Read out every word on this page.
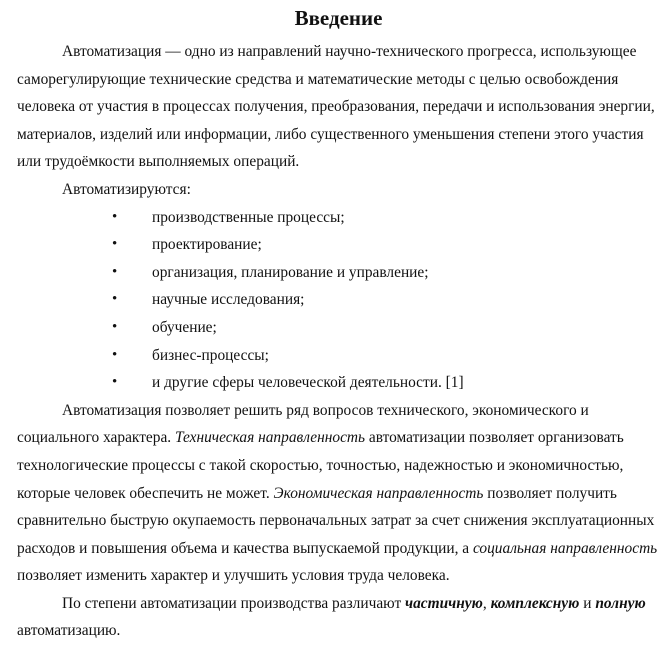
Введение

Автоматизация — одно из направлений научно-технического прогресса, использующее саморегулирующие технические средства и математические методы с целью освобождения человека от участия в процессах получения, преобразования, передачи и использования энергии, материалов, изделий или информации, либо существенного уменьшения степени этого участия или трудоёмкости выполняемых операций.

Автоматизируются:

• производственные процессы;
• проектирование;
• организация, планирование и управление;
• научные исследования;
• обучение;
• бизнес-процессы;
• и другие сферы человеческой деятельности. [1]

Автоматизация позволяет решить ряд вопросов технического, экономического и социального характера. Техническая направленность автоматизации позволяет организовать технологические процессы с такой скоростью, точностью, надежностью и экономичностью, которые человек обеспечить не может. Экономическая направленность позволяет получить сравнительно быструю окупаемость первоначальных затрат за счет снижения эксплуатационных расходов и повышения объема и качества выпускаемой продукции, а социальная направленность позволяет изменить характер и улучшить условия труда человека.

По степени автоматизации производства различают частичную, комплексную и полную автоматизацию.
